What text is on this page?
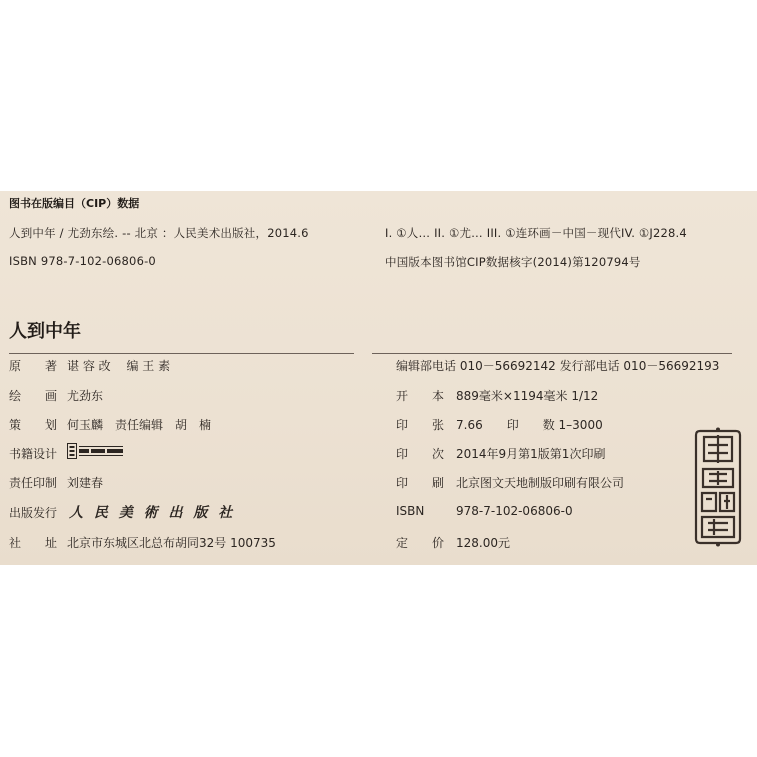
图书在版编目（CIP）数据
人到中年 / 尤劲东绘. -- 北京 ：人民美术出版社，2014.6	I. ①人… II. ①尤… III. ①连环画－中国－现代IV. ①J228.4
ISBN 978-7-102-06806-0	中国版本图书馆CIP数据核字(2014)第120794号
人到中年
原　　著 谌 容 改　 编 王 素
绘　　画 尤劲东
策　　划 何玉麟　责任编辑　胡　楠
书籍设计
责任印制 刘建春
出版发行 人 民 美 術 出 版 社
社　　址 北京市东城区北总布胡同32号 100735
编辑部电话 010－56692142 发行部电话 010－56692193
开　　本 889毫米×1194毫米 1/12
印　　张 7.66　　印　　数 1–3000
印　　次 2014年9月第1版第1次印刷
印　　刷 北京图文天地制版印刷有限公司
ISBN	978-7-102-06806-0
定　　价 128.00元
